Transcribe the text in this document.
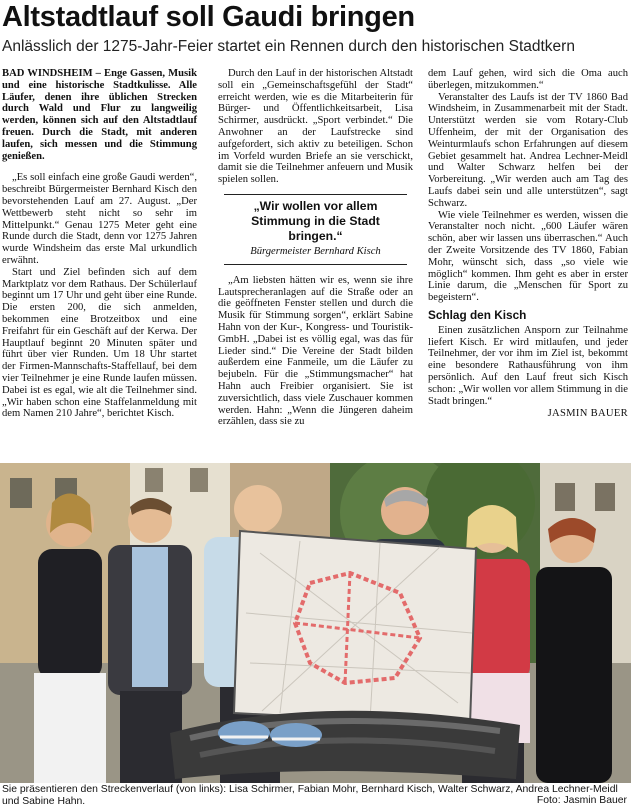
Altstadtlauf soll Gaudi bringen
Anlässlich der 1275-Jahr-Feier startet ein Rennen durch den historischen Stadtkern

BAD WINDSHEIM – Enge Gassen, Musik und eine historische Stadtkulisse. Alle Läufer, denen ihre üblichen Strecken durch Wald und Flur zu langweilig werden, können sich auf den Altstadtlauf freuen. Durch die Stadt, mit anderen laufen, sich messen und die Stimmung genießen.

„Es soll einfach eine große Gaudi werden“, beschreibt Bürgermeister Bernhard Kisch den bevorstehenden Lauf am 27. August. „Der Wettbewerb steht nicht so sehr im Mittelpunkt.“ Genau 1275 Meter geht eine Runde durch die Stadt, denn vor 1275 Jahren wurde Windsheim das erste Mal urkundlich erwähnt.

Start und Ziel befinden sich auf dem Marktplatz vor dem Rathaus. Der Schülerlauf beginnt um 17 Uhr und geht über eine Runde. Die ersten 200, die sich anmelden, bekommen eine Brotzeitbox und eine Freifahrt für ein Geschäft auf der Kerwa. Der Hauptlauf beginnt 20 Minuten später und führt über vier Runden. Um 18 Uhr startet der Firmen-Mannschafts-Staffellauf, bei dem vier Teilnehmer je eine Runde laufen müssen. Dabei ist es egal, wie alt die Teilnehmer sind. „Wir haben schon eine Staffelanmeldung mit dem Namen 210 Jahre“, berichtet Kisch.

Durch den Lauf in der historischen Altstadt soll ein „Gemeinschaftsgefühl der Stadt“ erreicht werden, wie es die Mitarbeiterin für Bürger- und Öffentlichkeitsarbeit, Lisa Schirmer, ausdrückt. „Sport verbindet.“ Die Anwohner an der Laufstrecke sind aufgefordert, sich aktiv zu beteiligen. Schon im Vorfeld wurden Briefe an sie verschickt, damit sie die Teilnehmer anfeuern und Musik spielen sollen.

„Wir wollen vor allem Stimmung in die Stadt bringen.“
Bürgermeister Bernhard Kisch

„Am liebsten hätten wir es, wenn sie ihre Lautsprecheranlagen auf die Straße oder an die geöffneten Fenster stellen und durch die Musik für Stimmung sorgen“, erklärt Sabine Hahn von der Kur-, Kongress- und Touristik-GmbH. „Dabei ist es völlig egal, was das für Lieder sind.“ Die Vereine der Stadt bilden außerdem eine Fanmeile, um die Läufer zu bejubeln. Für die „Stimmungsmacher“ hat Hahn auch Freibier organisiert. Sie ist zuversichtlich, dass viele Zuschauer kommen werden. Hahn: „Wenn die Jüngeren daheim erzählen, dass sie zu

dem Lauf gehen, wird sich die Oma auch überlegen, mitzukommen.“

Veranstalter des Laufs ist der TV 1860 Bad Windsheim, in Zusammenarbeit mit der Stadt. Unterstützt werden sie vom Rotary-Club Uffenheim, der mit der Organisation des Weinturmlaufs schon Erfahrungen auf diesem Gebiet gesammelt hat. Andrea Lechner-Meidl und Walter Schwarz helfen bei der Vorbereitung. „Wir werden auch am Tag des Laufs dabei sein und alle unterstützen“, sagt Schwarz.

Wie viele Teilnehmer es werden, wissen die Veranstalter noch nicht. „600 Läufer wären schön, aber wir lassen uns überraschen.“ Auch der Zweite Vorsitzende des TV 1860, Fabian Mohr, wünscht sich, dass „so viele wie möglich“ kommen. Ihm geht es aber in erster Linie darum, die „Menschen für Sport zu begeistern“.

Schlag den Kisch

Einen zusätzlichen Ansporn zur Teilnahme liefert Kisch. Er wird mitlaufen, und jeder Teilnehmer, der vor ihm im Ziel ist, bekommt eine besondere Rathausführung von ihm persönlich. Auf den Lauf freut sich Kisch schon: „Wir wollen vor allem Stimmung in die Stadt bringen.“

JASMIN BAUER
Sie präsentieren den Streckenverlauf (von links): Lisa Schirmer, Fabian Mohr, Bernhard Kisch, Walter Schwarz, Andrea Lechner-Meidl und Sabine Hahn.	Foto: Jasmin Bauer
